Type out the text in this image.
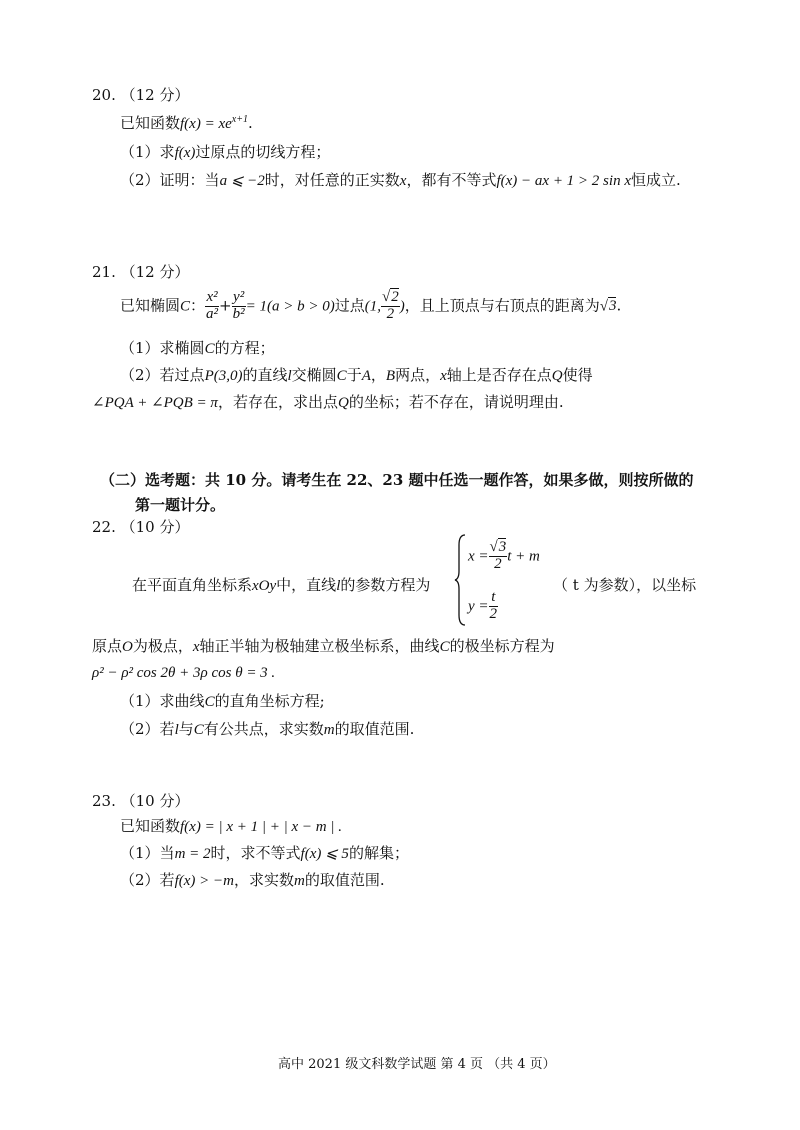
20. （12 分）
已知函数$f(x) = xe^{x+1}$.
（1）求f(x)过原点的切线方程；
（2）证明：当a ⩽ −2时，对任意的正实数x，都有不等式f(x) − ax + 1 > 2 sin x恒成立.
21. （12 分）
已知椭圆C： $\frac{\text{x²}}{\text{a²}} + \frac{\text{y²}}{\text{b²}} = 1(a > b > 0)$过点(1, $\frac{√2}{2}$ )，且上顶点与右顶点的距离为√3.
（1）求椭圆C的方程；
（2）若过点P(3,0)的直线l交椭圆C于A，B两点，x轴上是否存在点Q使得
∠PQA + ∠PQB = π，若存在，求出点Q的坐标；若不存在，请说明理由.
（二）选考题：共 10 分。请考生在 22、23 题中任选一题作答，如果多做，则按所做的
第一题计分。
22. （10 分）
在平面直角坐标系xOy中，直线l的参数方程为
$x = \frac{√3}{2}$ t + m
$y = \frac{t}{2}$
（ t 为参数），以坐标
原点O为极点，x轴正半轴为极轴建立极坐标系，曲线C的极坐标方程为
ρ² − ρ² cos 2θ + 3ρ cos θ = 3 .
（1）求曲线C的直角坐标方程;
（2）若l与C有公共点，求实数m的取值范围.
23. （10 分）
已知函数f(x) = | x + 1 | + | x − m | .
（1）当m = 2时，求不等式f(x) ⩽ 5的解集；
（2）若f(x) > −m，求实数m的取值范围.
高中 2021 级文科数学试题 第 4 页 （共 4 页）
